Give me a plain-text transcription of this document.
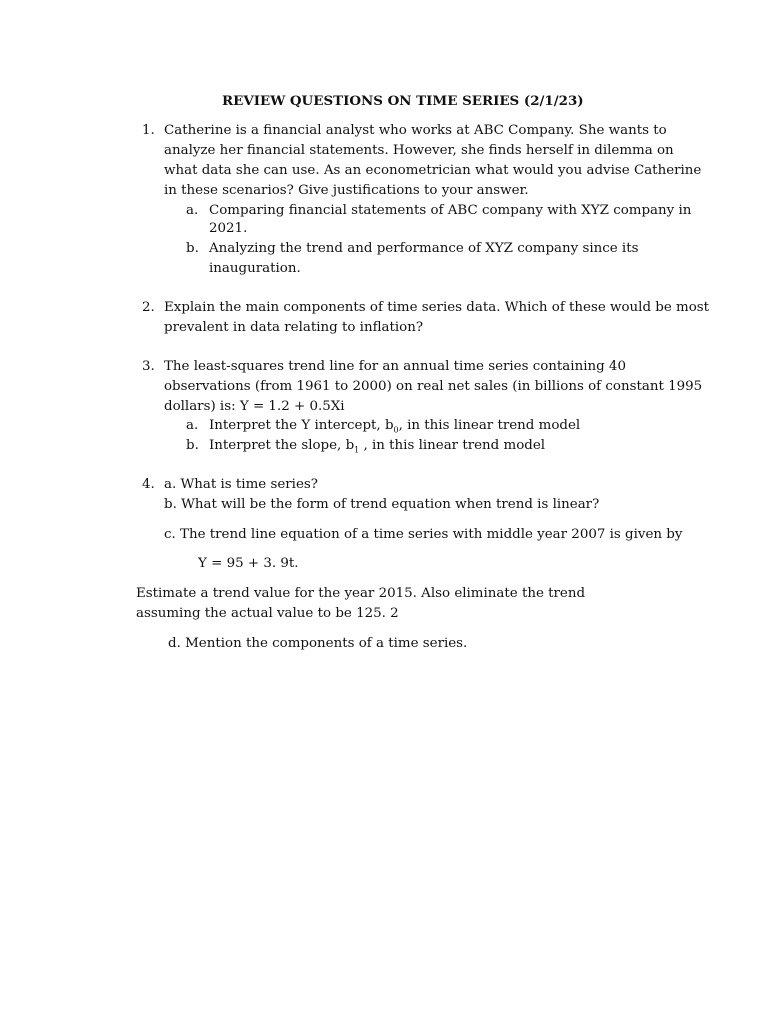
REVIEW QUESTIONS ON TIME SERIES (2/1/23)
1. Catherine is a financial analyst who works at ABC Company. She wants to
analyze her financial statements. However, she finds herself in dilemma on
what data she can use. As an econometrician what would you advise Catherine
in these scenarios? Give justifications to your answer.
a. Comparing financial statements of ABC company with XYZ company in
2021.
b. Analyzing the trend and performance of XYZ company since its
inauguration.
2. Explain the main components of time series data. Which of these would be most
prevalent in data relating to inflation?
3. The least-squares trend line for an annual time series containing 40
observations (from 1961 to 2000) on real net sales (in billions of constant 1995
dollars) is: Y = 1.2 + 0.5Xi
a. Interpret the Y intercept, $b_0$, in this linear trend model
b. Interpret the slope, $b_1$ , in this linear trend model
4. a. What is time series?
b. What will be the form of trend equation when trend is linear?
c. The trend line equation of a time series with middle year 2007 is given by
Y = 95 + 3. 9t.
Estimate a trend value for the year 2015. Also eliminate the trend
assuming the actual value to be 125. 2
d. Mention the components of a time series.
